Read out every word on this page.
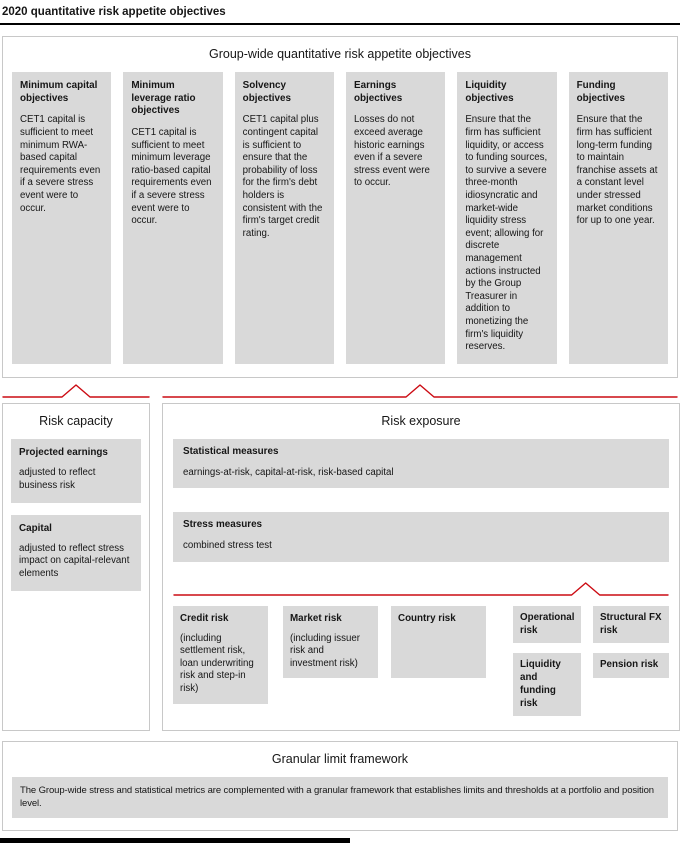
2020 quantitative risk appetite objectives
Group-wide quantitative risk appetite objectives
Minimum capital objectives
CET1 capital is sufficient to meet minimum RWA-based capital requirements even if a severe stress event were to occur.
Minimum leverage ratio objectives
CET1 capital is sufficient to meet minimum leverage ratio-based capital requirements even if a severe stress event were to occur.
Solvency objectives
CET1 capital plus contingent capital is sufficient to ensure that the probability of loss for the firm's debt holders is consistent with the firm's target credit rating.
Earnings objectives
Losses do not exceed average historic earnings even if a severe stress event were to occur.
Liquidity objectives
Ensure that the firm has sufficient liquidity, or access to funding sources, to survive a severe three-month idiosyncratic and market-wide liquidity stress event; allowing for discrete management actions instructed by the Group Treasurer in addition to monetizing the firm's liquidity reserves.
Funding objectives
Ensure that the firm has sufficient long-term funding to maintain franchise assets at a constant level under stressed market conditions for up to one year.
Risk capacity
Projected earnings
adjusted to reflect business risk
Capital
adjusted to reflect stress impact on capital-relevant elements
Risk exposure
Statistical measures
earnings-at-risk, capital-at-risk, risk-based capital
Stress measures
combined stress test
Credit risk
(including settlement risk, loan underwriting risk and step-in risk)
Market risk
(including issuer risk and investment risk)
Country risk	Operational risk
Liquidity and funding risk
Structural FX risk
Pension risk
Granular limit framework
The Group-wide stress and statistical metrics are complemented with a granular framework that establishes limits and thresholds at a portfolio and position level.
